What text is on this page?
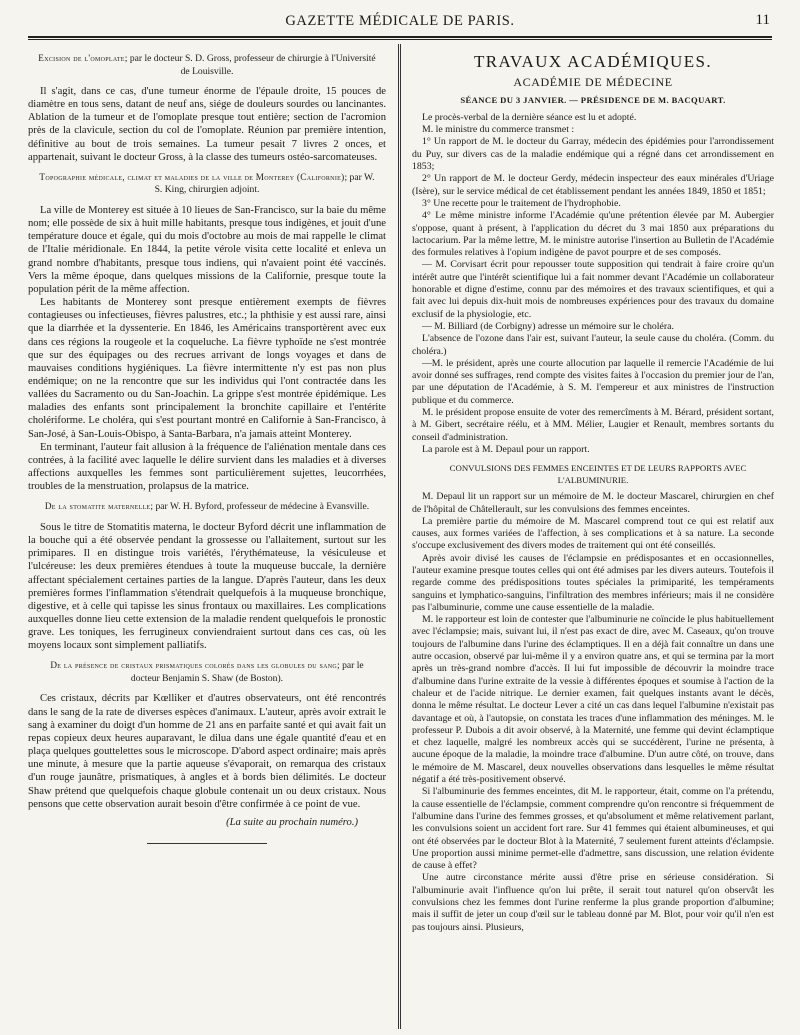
GAZETTE MÉDICALE DE PARIS.	11

Excision de l'omoplate; par le docteur S. D. Gross, professeur de chirurgie à l'Université de Louisville.

Il s'agit, dans ce cas, d'une tumeur énorme de l'épaule droite, 15 pouces de diamètre en tous sens, datant de neuf ans, siége de douleurs sourdes ou lancinantes. Ablation de la tumeur et de l'omoplate presque tout entière; section de l'acromion près de la clavicule, section du col de l'omoplate. Réunion par première intention, définitive au bout de trois semaines. La tumeur pesait 7 livres 2 onces, et appartenait, suivant le docteur Gross, à la classe des tumeurs ostéo-sarcomateuses.

Topographie médicale, climat et maladies de la ville de Monterey (Californie); par W. S. King, chirurgien adjoint.

La ville de Monterey est située à 10 lieues de San-Francisco, sur la baie du même nom; elle possède de six à huit mille habitants, presque tous indigènes, et jouit d'une température douce et égale, qui du mois d'octobre au mois de mai rappelle le climat de l'Italie méridionale. En 1844, la petite vérole visita cette localité et enleva un grand nombre d'habitants, presque tous indiens, qui n'avaient point été vaccinés. Vers la même époque, dans quelques missions de la Californie, presque toute la population périt de la même affection.

Les habitants de Monterey sont presque entièrement exempts de fièvres contagieuses ou infectieuses, fièvres palustres, etc.; la phthisie y est aussi rare, ainsi que la diarrhée et la dyssenterie. En 1846, les Américains transportèrent avec eux dans ces régions la rougeole et la coqueluche. La fièvre typhoïde ne s'est montrée que sur des équipages ou des recrues arrivant de longs voyages et dans de mauvaises conditions hygiéniques. La fièvre intermittente n'y est pas non plus endémique; on ne la rencontre que sur les individus qui l'ont contractée dans les vallées du Sacramento ou du San-Joachin. La grippe s'est montrée épidémique. Les maladies des enfants sont principalement la bronchite capillaire et l'entérite cholériforme. Le choléra, qui s'est pourtant montré en Californie à San-Francisco, à San-José, à San-Louis-Obispo, à Santa-Barbara, n'a jamais atteint Monterey.

En terminant, l'auteur fait allusion à la fréquence de l'aliénation mentale dans ces contrées, à la facilité avec laquelle le délire survient dans les maladies et à diverses affections auxquelles les femmes sont particulièrement sujettes, leucorrhées, troubles de la menstruation, prolapsus de la matrice.

De la stomatite maternelle; par W. H. Byford, professeur de médecine à Evansville.

Sous le titre de Stomatitis materna, le docteur Byford décrit une inflammation de la bouche qui a été observée pendant la grossesse ou l'allaitement, surtout sur les primipares. Il en distingue trois variétés, l'érythémateuse, la vésiculeuse et l'ulcéreuse: les deux premières étendues à toute la muqueuse buccale, la dernière affectant spécialement certaines parties de la langue. D'après l'auteur, dans les deux premières formes l'inflammation s'étendrait quelquefois à la muqueuse bronchique, digestive, et à celle qui tapisse les sinus frontaux ou maxillaires. Les complications auxquelles donne lieu cette extension de la maladie rendent quelquefois le pronostic grave. Les toniques, les ferrugineux conviendraient surtout dans ces cas, où les moyens locaux sont simplement palliatifs.

De la présence de cristaux prismatiques colorés dans les globules du sang; par le docteur Benjamin S. Shaw (de Boston).

Ces cristaux, décrits par Kœlliker et d'autres observateurs, ont été rencontrés dans le sang de la rate de diverses espèces d'animaux. L'auteur, après avoir extrait le sang à examiner du doigt d'un homme de 21 ans en parfaite santé et qui avait fait un repas copieux deux heures auparavant, le dilua dans une égale quantité d'eau et en plaça quelques gouttelettes sous le microscope. D'abord aspect ordinaire; mais après une minute, à mesure que la partie aqueuse s'évaporait, on remarqua des cristaux d'un rouge jaunâtre, prismatiques, à angles et à bords bien délimités. Le docteur Shaw prétend que quelquefois chaque globule contenait un ou deux cristaux. Nous pensons que cette observation aurait besoin d'être confirmée à ce point de vue.

(La suite au prochain numéro.)

TRAVAUX ACADÉMIQUES.
ACADÉMIE DE MÉDECINE
SÉANCE DU 3 JANVIER. — PRÉSIDENCE DE M. BACQUART.

Le procès-verbal de la dernière séance est lu et adopté.

M. le ministre du commerce transmet :

1° Un rapport de M. le docteur du Garray, médecin des épidémies pour l'arrondissement du Puy, sur divers cas de la maladie endémique qui a régné dans cet arrondissement en 1853;

2° Un rapport de M. le docteur Gerdy, médecin inspecteur des eaux minérales d'Uriage (Isère), sur le service médical de cet établissement pendant les années 1849, 1850 et 1851;

3° Une recette pour le traitement de l'hydrophobie.

4° Le même ministre informe l'Académie qu'une prétention élevée par M. Aubergier s'oppose, quant à présent, à l'application du décret du 3 mai 1850 aux préparations du lactocarium. Par la même lettre, M. le ministre autorise l'insertion au Bulletin de l'Académie des formules relatives à l'opium indigène de pavot pourpre et de ses composés.

— M. Corvisart écrit pour repousser toute supposition qui tendrait à faire croire qu'un intérêt autre que l'intérêt scientifique lui a fait nommer devant l'Académie un collaborateur honorable et digne d'estime, connu par des mémoires et des travaux scientifiques, et qui a fait avec lui depuis dix-huit mois de nombreuses expériences pour des travaux du domaine exclusif de la physiologie, etc.

— M. Billiard (de Corbigny) adresse un mémoire sur le choléra.

L'absence de l'ozone dans l'air est, suivant l'auteur, la seule cause du choléra. (Comm. du choléra.)

—M. le président, après une courte allocution par laquelle il remercie l'Académie de lui avoir donné ses suffrages, rend compte des visites faites à l'occasion du premier jour de l'an, par une députation de l'Académie, à S. M. l'empereur et aux ministres de l'instruction publique et du commerce.

M. le président propose ensuite de voter des remercîments à M. Bérard, président sortant, à M. Gibert, secrétaire réélu, et à MM. Mélier, Laugier et Renault, membres sortants du conseil d'administration.

La parole est à M. Depaul pour un rapport.

CONVULSIONS DES FEMMES ENCEINTES ET DE LEURS RAPPORTS AVEC L'ALBUMINURIE.

M. Depaul lit un rapport sur un mémoire de M. le docteur Mascarel, chirurgien en chef de l'hôpital de Châtellerault, sur les convulsions des femmes enceintes.

La première partie du mémoire de M. Mascarel comprend tout ce qui est relatif aux causes, aux formes variées de l'affection, à ses complications et à sa nature. La seconde s'occupe exclusivement des divers modes de traitement qui ont été conseillés.

Après avoir divisé les causes de l'éclampsie en prédisposantes et en occasionnelles, l'auteur examine presque toutes celles qui ont été admises par les divers auteurs. Toutefois il regarde comme des prédispositions toutes spéciales la primiparité, les tempéraments sanguins et lymphatico-sanguins, l'infiltration des membres inférieurs; mais il ne considère pas l'albuminurie, comme une cause essentielle de la maladie.

M. le rapporteur est loin de contester que l'albuminurie ne coïncide le plus habituellement avec l'éclampsie; mais, suivant lui, il n'est pas exact de dire, avec M. Caseaux, qu'on trouve toujours de l'albumine dans l'urine des éclamptiques. Il en a déjà fait connaître un dans une autre occasion, observé par lui-même il y a environ quatre ans, et qui se termina par la mort après un très-grand nombre d'accès. Il lui fut impossible de découvrir la moindre trace d'albumine dans l'urine extraite de la vessie à différentes époques et soumise à l'action de la chaleur et de l'acide nitrique. Le dernier examen, fait quelques instants avant le décès, donna le même résultat. Le docteur Lever a cité un cas dans lequel l'albumine n'existait pas davantage et où, à l'autopsie, on constata les traces d'une inflammation des méninges. M. le professeur P. Dubois a dit avoir observé, à la Maternité, une femme qui devint éclamptique et chez laquelle, malgré les nombreux accès qui se succédèrent, l'urine ne présenta, à aucune époque de la maladie, la moindre trace d'albumine. D'un autre côté, on trouve, dans le mémoire de M. Mascarel, deux nouvelles observations dans lesquelles le même résultat négatif a été très-positivement observé.

Si l'albuminurie des femmes enceintes, dit M. le rapporteur, était, comme on l'a prétendu, la cause essentielle de l'éclampsie, comment comprendre qu'on rencontre si fréquemment de l'albumine dans l'urine des femmes grosses, et qu'absolument et même relativement parlant, les convulsions soient un accident fort rare. Sur 41 femmes qui étaient albumineuses, et qui ont été observées par le docteur Blot à la Maternité, 7 seulement furent atteints d'éclampsie. Une proportion aussi minime permet-elle d'admettre, sans discussion, une relation évidente de cause à effet?

Une autre circonstance mérite aussi d'être prise en sérieuse considération. Si l'albuminurie avait l'influence qu'on lui prête, il serait tout naturel qu'on observât les convulsions chez les femmes dont l'urine renferme la plus grande proportion d'albumine; mais il suffit de jeter un coup d'œil sur le tableau donné par M. Blot, pour voir qu'il n'en est pas toujours ainsi. Plusieurs,
